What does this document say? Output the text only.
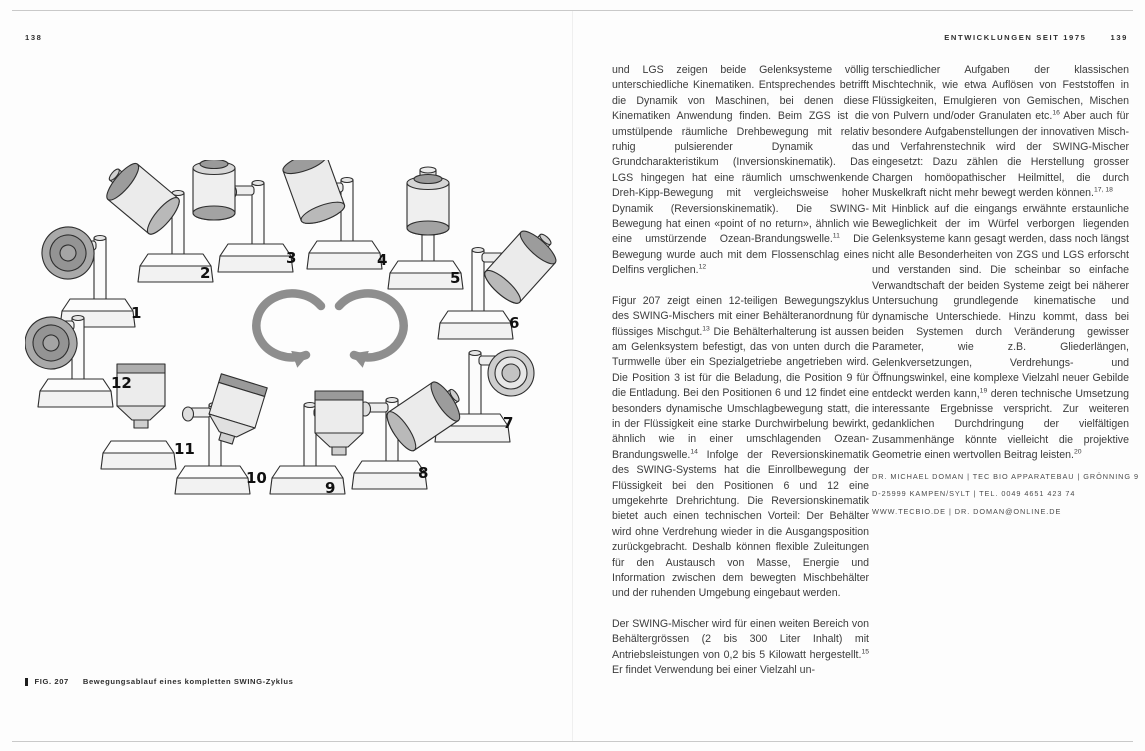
138	ENTWICKLUNGEN SEIT 1975	139
1
2
3	4
5
6
7
8
9
10
11
12

und LGS zeigen beide Gelenksysteme völlig unterschiedliche Kinematiken. Entsprechendes betrifft die Dynamik von Maschinen, bei denen diese Kinematiken Anwendung finden. Beim ZGS ist die umstülpende räumliche Drehbewegung mit relativ ruhig pulsierender Dynamik das Grundcharakteristikum (Inversionskinematik). Das LGS hingegen hat eine räumlich umschwenkende Dreh-Kipp-Bewegung mit vergleichsweise hoher Dynamik (Reversionskinematik). Die SWING-Bewegung hat einen «point of no return», ähnlich wie eine umstürzende Ozean-Brandungswelle.$^{11}$ Die Bewegung wurde auch mit dem Flossenschlag eines Delfins verglichen.$^{12}$

Figur 207 zeigt einen 12-teiligen Bewegungszyklus des SWING-Mischers mit einer Behälteranordnung für flüssiges Mischgut.$^{13}$ Die Behälterhalterung ist aussen am Gelenksystem befestigt, das von unten durch die Turmwelle über ein Spezialgetriebe angetrieben wird. Die Position 3 ist für die Beladung, die Position 9 für die Entladung. Bei den Positionen 6 und 12 findet eine besonders dynamische Umschlagbewegung statt, die in der Flüssigkeit eine starke Durchwirbelung bewirkt, ähnlich wie in einer umschlagenden Ozean-Brandungswelle.$^{14}$ Infolge der Reversionskinematik des SWING-Systems hat die Einrollbewegung der Flüssigkeit bei den Positionen 6 und 12 eine umgekehrte Drehrichtung. Die Reversionskinematik bietet auch einen technischen Vorteil: Der Behälter wird ohne Verdrehung wieder in die Ausgangsposition zurückgebracht. Deshalb können flexible Zuleitungen für den Austausch von Masse, Energie und Information zwischen dem bewegten Mischbehälter und der ruhenden Umgebung eingebaut werden.

Der SWING-Mischer wird für einen weiten Bereich von Behältergrössen (2 bis 300 Liter Inhalt) mit Antriebsleistungen von 0,2 bis 5 Kilowatt hergestellt.$^{15}$ Er findet Verwendung bei einer Vielzahl un-

terschiedlicher Aufgaben der klassischen Mischtechnik, wie etwa Auflösen von Feststoffen in Flüssigkeiten, Emulgieren von Gemischen, Mischen von Pulvern und/oder Granulaten etc.$^{16}$ Aber auch für besondere Aufgabenstellungen der innovativen Misch- und Verfahrenstechnik wird der SWING-Mischer eingesetzt: Dazu zählen die Herstellung grosser Chargen homöopathischer Heilmittel, die durch Muskelkraft nicht mehr bewegt werden können.$^{17, 18}$

Mit Hinblick auf die eingangs erwähnte erstaunliche Beweglichkeit der im Würfel verborgen liegenden Gelenksysteme kann gesagt werden, dass noch längst nicht alle Besonderheiten von ZGS und LGS erforscht und verstanden sind. Die scheinbar so einfache Verwandtschaft der beiden Systeme zeigt bei näherer Untersuchung grundlegende kinematische und dynamische Unterschiede. Hinzu kommt, dass bei beiden Systemen durch Veränderung gewisser Parameter, wie z.B. Gliederlängen, Gelenkversetzungen, Verdrehungs- und Öffnungswinkel, eine komplexe Vielzahl neuer Gebilde entdeckt werden kann,$^{19}$ deren technische Umsetzung interessante Ergebnisse verspricht. Zur weiteren gedanklichen Durchdringung der vielfältigen Zusammenhänge könnte vielleicht die projektive Geometrie einen wertvollen Beitrag leisten.$^{20}$

DR. MICHAEL DOMAN | TEC BIO APPARATEBAU | GRÖNNING 9
D-25999 KAMPEN/SYLT | TEL. 0049 4651 423 74
WWW.TECBIO.DE | DR. DOMAN@ONLINE.DE
FIG. 207 Bewegungsablauf eines kompletten SWING-Zyklus
